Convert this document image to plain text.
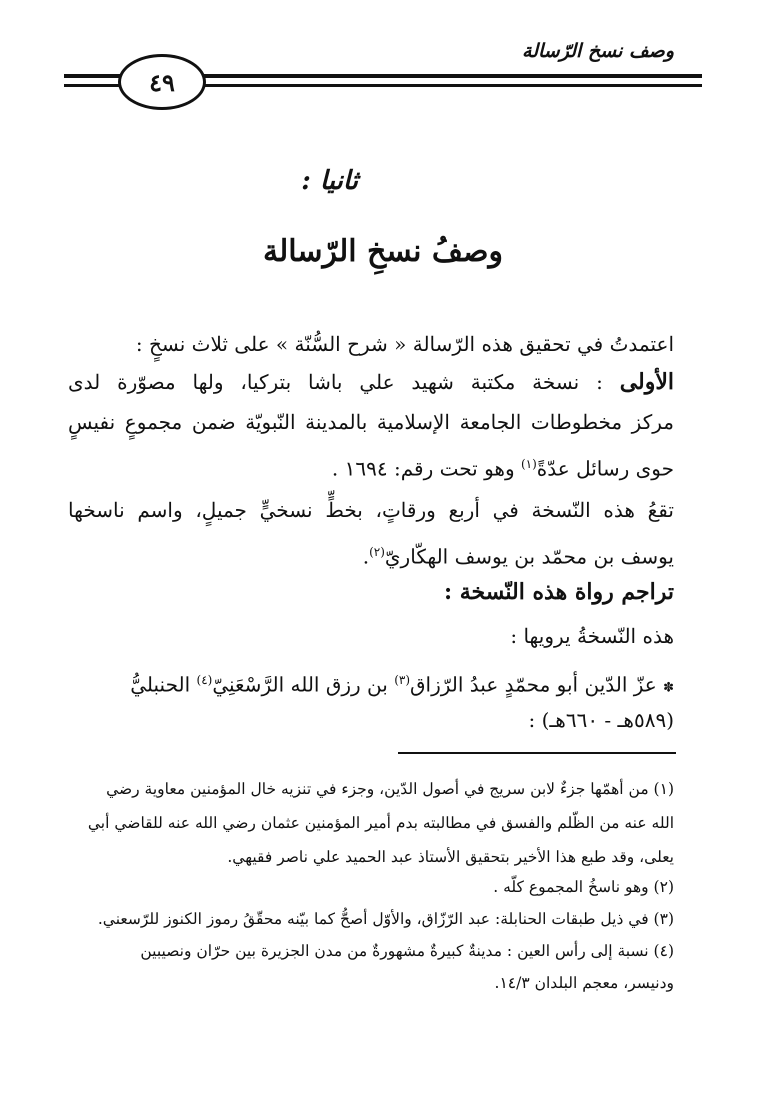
وصف نسخ الرّسالة
٤٩
ثانيا :
وصفُ نسخِ الرّسالة
اعتمدتُ في تحقيق هذه الرّسالة « شرح السُّنّة » على ثلاث نسخٍ :
الأولى : نسخة مكتبة شهيد علي باشا بتركيا، ولها مصوّرة لدى
مركز مخطوطات الجامعة الإسلامية بالمدينة النّبويّة ضمن مجموعٍ نفيسٍ
حوى رسائل عدّةً$^{(١)}$ وهو تحت رقم: ١٦٩٤ .
تقعُ هذه النّسخة في أربع ورقاتٍ، بخطٍّ نسخيٍّ جميلٍ، واسم ناسخها
يوسف بن محمّد بن يوسف الهكّاريّ$^{(٢)}$.
تراجم رواة هذه النّسخة :
هذه النّسخةُ يرويها :
✽ عزّ الدّين أبو محمّدٍ عبدُ الرّزاق$^{(٣)}$ بن رزق الله الرَّسْعَنِيّ$^{(٤)}$ الحنبليُّ
(٥٨٩هـ - ٦٦٠هـ) :
(١) من أهمّها جزءٌ لابن سريج في أصول الدّين، وجزء في تنزيه خال المؤمنين معاوية رضي
الله عنه من الظّلم والفسق في مطالبته بدم أمير المؤمنين عثمان رضي الله عنه للقاضي أبي
يعلى، وقد طبع هذا الأخير بتحقيق الأستاذ عبد الحميد علي ناصر فقيهي.
(٢) وهو ناسخُ المجموع كلّه .
(٣) في ذيل طبقات الحنابلة: عبد الرّزّاق، والأوّل أصحُّ كما بيّنه محقّقُ رموز الكنوز للرّسعني.
(٤) نسبة إلى رأس العين : مدينةٌ كبيرةٌ مشهورةٌ من مدن الجزيرة بين حرّان ونصيبين
ودنيسر، معجم البلدان ١٤/٣.
